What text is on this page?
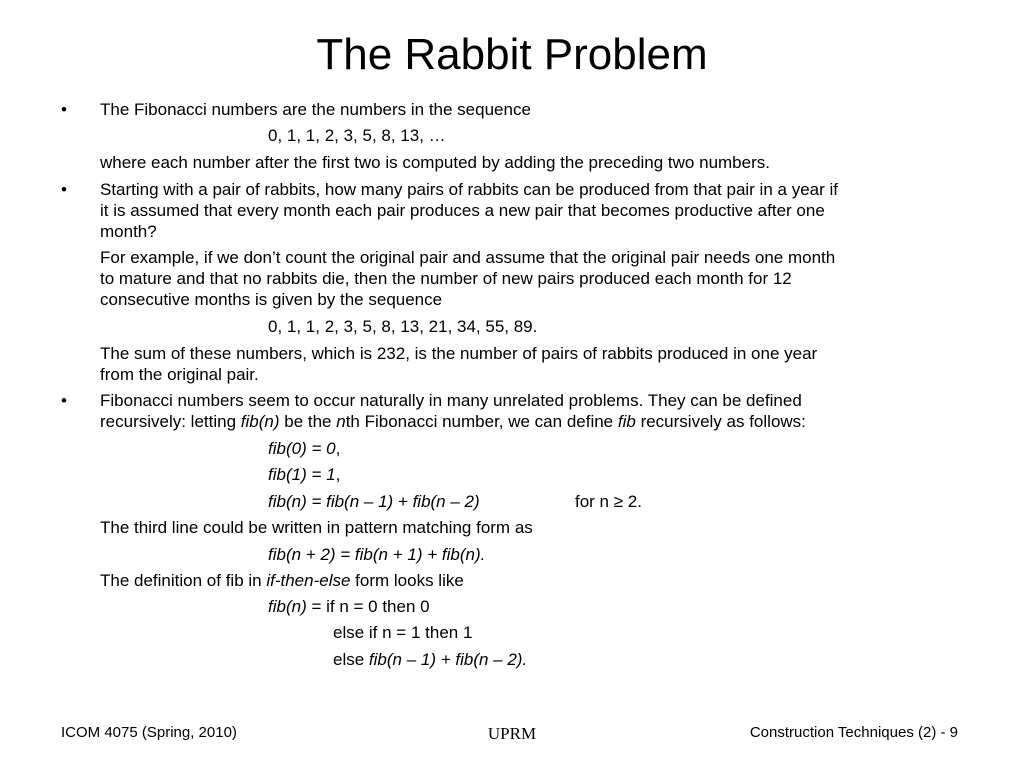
The Rabbit Problem
• The Fibonacci numbers are the numbers in the sequence
0, 1, 1, 2, 3, 5, 8, 13, …
where each number after the first two is computed by adding the preceding two numbers.
• Starting with a pair of rabbits, how many pairs of rabbits can be produced from that pair in a year if
it is assumed that every month each pair produces a new pair that becomes productive after one
month?
For example, if we don’t count the original pair and assume that the original pair needs one month
to mature and that no rabbits die, then the number of new pairs produced each month for 12
consecutive months is given by the sequence
0, 1, 1, 2, 3, 5, 8, 13, 21, 34, 55, 89.
The sum of these numbers, which is 232, is the number of pairs of rabbits produced in one year
from the original pair.
• Fibonacci numbers seem to occur naturally in many unrelated problems. They can be defined
recursively: letting fib(n) be the nth Fibonacci number, we can define fib recursively as follows:
fib(0) = 0,
fib(1) = 1,
fib(n) = fib(n – 1) + fib(n – 2)	for n ≥ 2.
The third line could be written in pattern matching form as
fib(n + 2) = fib(n + 1) + fib(n).
The definition of fib in if-then-else form looks like
fib(n) = if n = 0 then 0
else if n = 1 then 1
else fib(n – 1) + fib(n – 2).
ICOM 4075 (Spring, 2010)	UPRM	Construction Techniques (2) - 9
